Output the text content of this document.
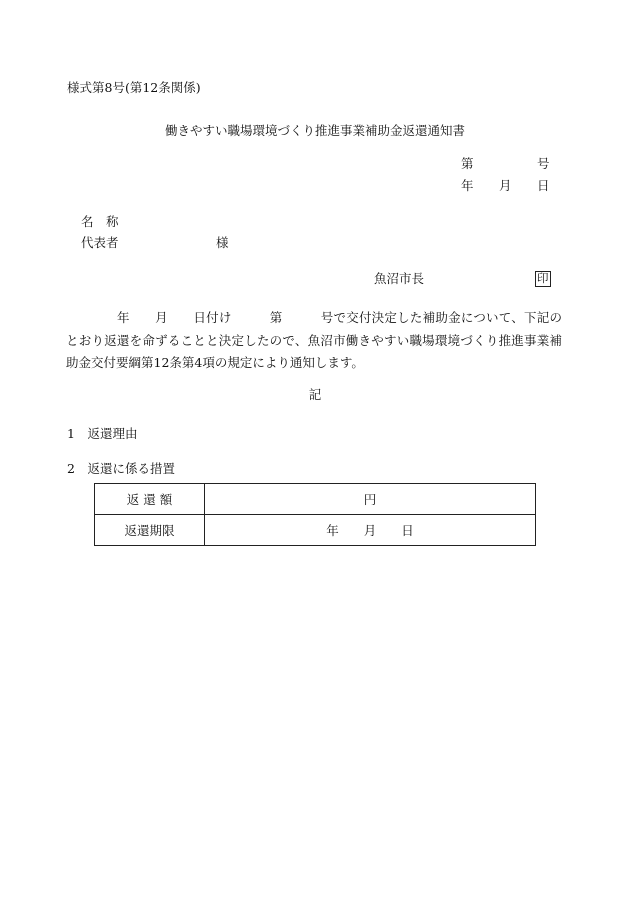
様式第8号(第12条関係)
働きやすい職場環境づくり推進事業補助金返還通知書
第	号
年 月 日
名　称
代表者	様
魚沼市長	印

　　　　年　　月　　日付け　　　第　　　号で交付決定した補助金について、下記のとおり返還を命ずることと決定したので、魚沼市働きやすい職場環境づくり推進事業補助金交付要綱第12条第4項の規定により通知します。

記
1　返還理由
2　返還に係る措置
返 還 額	円
返還期限	年　　月　　日
